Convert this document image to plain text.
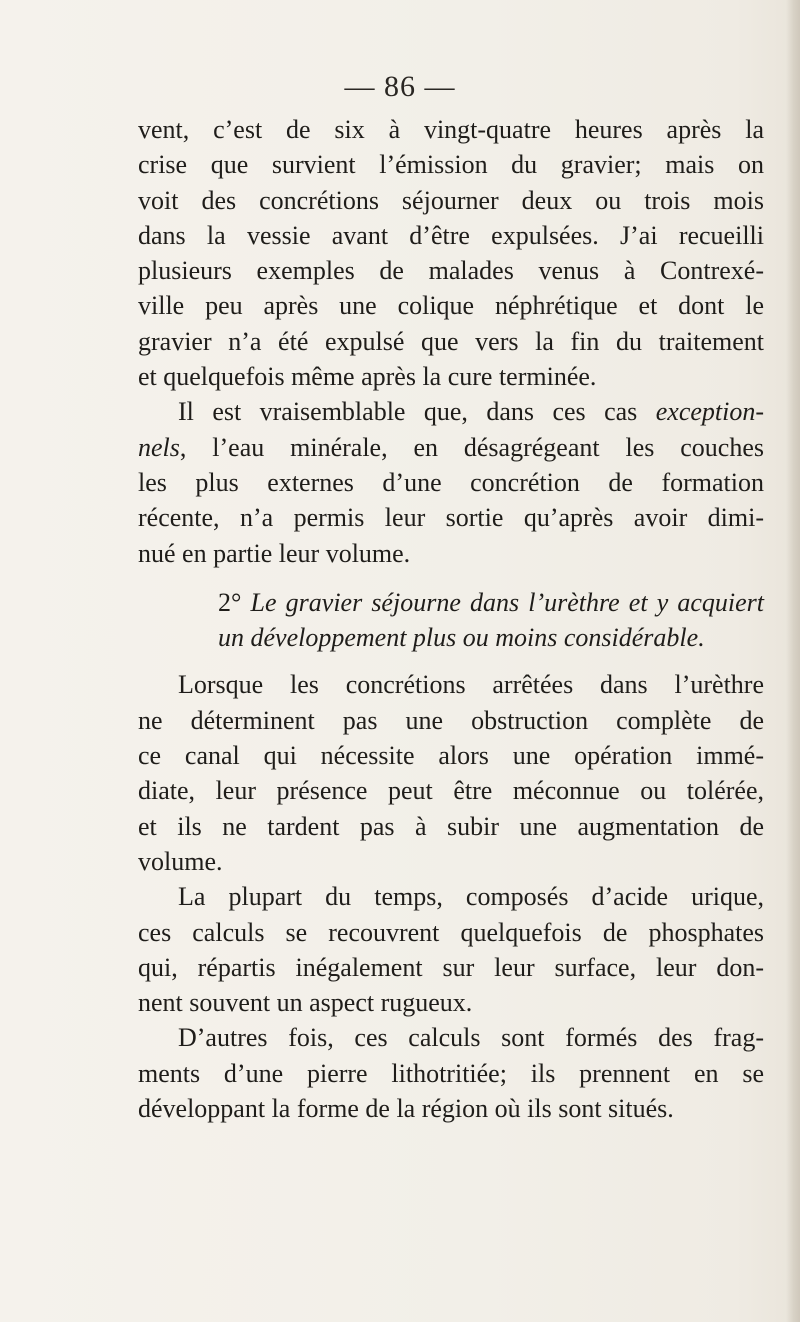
— 86 —
vent, c’est de six à vingt-quatre heures après la
crise que survient l’émission du gravier; mais on
voit des concrétions séjourner deux ou trois mois
dans la vessie avant d’être expulsées. J’ai recueilli
plusieurs exemples de malades venus à Contrexé-
ville peu après une colique néphrétique et dont le
gravier n’a été expulsé que vers la fin du traitement
et quelquefois même après la cure terminée.
Il est vraisemblable que, dans ces cas exception-
nels, l’eau minérale, en désagrégeant les couches
les plus externes d’une concrétion de formation
récente, n’a permis leur sortie qu’après avoir dimi-
nué en partie leur volume.
2° Le gravier séjourne dans l’urèthre et y acquiert
un développement plus ou moins considérable.
Lorsque les concrétions arrêtées dans l’urèthre
ne déterminent pas une obstruction complète de
ce canal qui nécessite alors une opération immé-
diate, leur présence peut être méconnue ou tolérée,
et ils ne tardent pas à subir une augmentation de
volume.
La plupart du temps, composés d’acide urique,
ces calculs se recouvrent quelquefois de phosphates
qui, répartis inégalement sur leur surface, leur don-
nent souvent un aspect rugueux.
D’autres fois, ces calculs sont formés des frag-
ments d’une pierre lithotritiée; ils prennent en se
développant la forme de la région où ils sont situés.
